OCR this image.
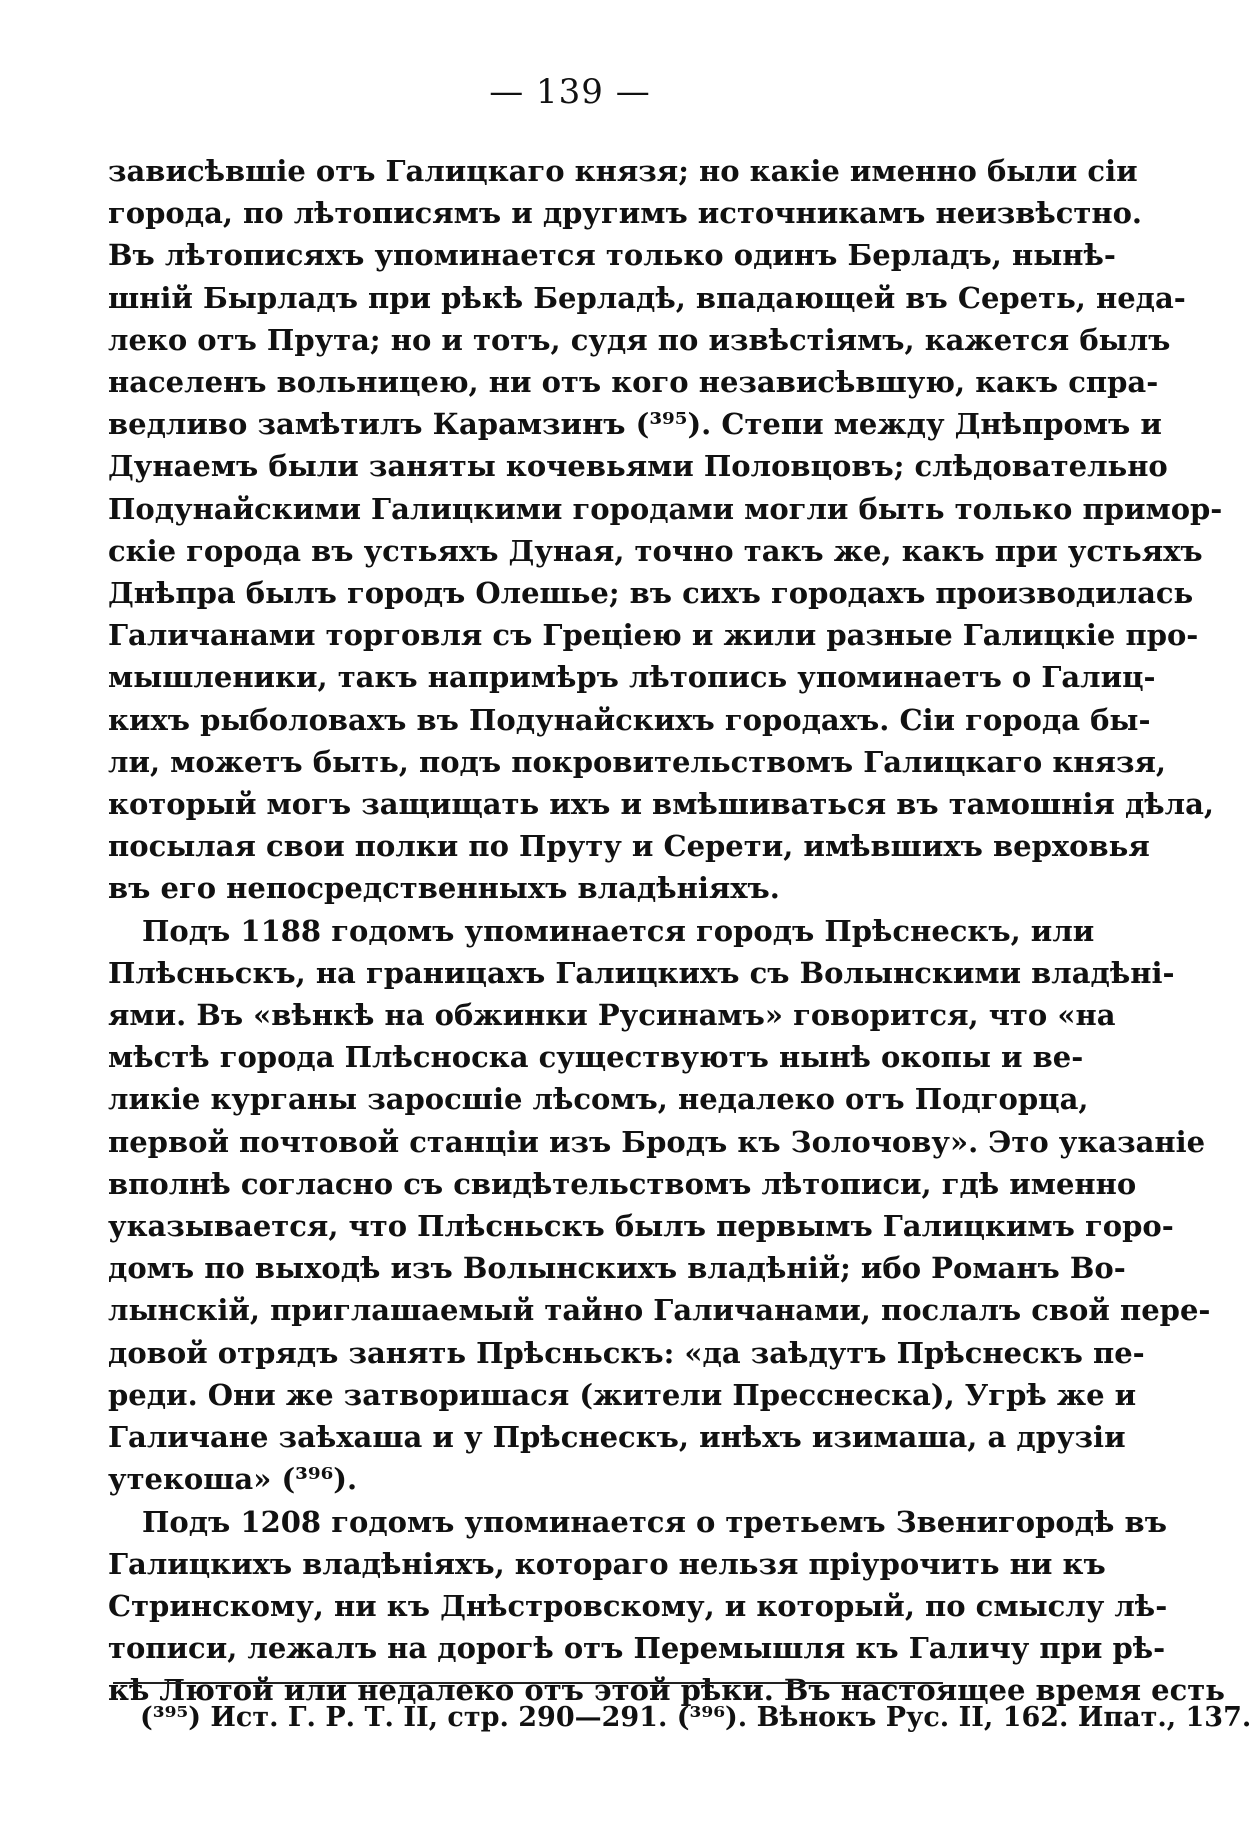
— 139 —
зависѣвшіе отъ Галицкаго князя; но какіе именно были сіи
города, по лѣтописямъ и другимъ источникамъ неизвѣстно.
Въ лѣтописяхъ упоминается только одинъ Берладъ, нынѣ-
шній Бырладъ при рѣкѣ Берладѣ, впадающей въ Сереть, неда-
леко отъ Прута; но и тотъ, судя по извѣстіямъ, кажется былъ
населенъ вольницею, ни отъ кого независѣвшую, какъ спра-
ведливо замѣтилъ Карамзинъ (³⁹⁵). Степи между Днѣпромъ и
Дунаемъ были заняты кочевьями Половцовъ; слѣдовательно
Подунайскими Галицкими городами могли быть только примор-
скіе города въ устьяхъ Дуная, точно такъ же, какъ при устьяхъ
Днѣпра былъ городъ Олешье; въ сихъ городахъ производилась
Галичанами торговля съ Греціею и жили разные Галицкіе про-
мышленики, такъ напримѣръ лѣтопись упоминаетъ о Галиц-
кихъ рыболовахъ въ Подунайскихъ городахъ. Сіи города бы-
ли, можетъ быть, подъ покровительствомъ Галицкаго князя,
который могъ защищать ихъ и вмѣшиваться въ тамошнія дѣла,
посылая свои полки по Пруту и Серети, имѣвшихъ верховья
въ его непосредственныхъ владѣніяхъ.
Подъ 1188 годомъ упоминается городъ Прѣснескъ, или
Плѣсньскъ, на границахъ Галицкихъ съ Волынскими владѣні-
ями. Въ «вѣнкѣ на обжинки Русинамъ» говорится, что «на
мѣстѣ города Плѣсноска существуютъ нынѣ окопы и ве-
ликіе курганы заросшіе лѣсомъ, недалеко отъ Подгорца,
первой почтовой станціи изъ Бродъ къ Золочову». Это указаніе
вполнѣ согласно съ свидѣтельствомъ лѣтописи, гдѣ именно
указывается, что Плѣсньскъ былъ первымъ Галицкимъ горо-
домъ по выходѣ изъ Волынскихъ владѣній; ибо Романъ Во-
лынскій, приглашаемый тайно Галичанами, послалъ свой пере-
довой отрядъ занять Прѣсньскъ: «да заѣдутъ Прѣснескъ пе-
реди. Они же затворишася (жители Пресснеска), Угрѣ же и
Галичане заѣхаша и у Прѣснескъ, инѣхъ изимаша, а друзіи
утекоша» (³⁹⁶).
Подъ 1208 годомъ упоминается о третьемъ Звенигородѣ въ
Галицкихъ владѣніяхъ, котораго нельзя пріурочить ни къ
Стринскому, ни къ Днѣстровскому, и который, по смыслу лѣ-
тописи, лежалъ на дорогѣ отъ Перемышля къ Галичу при рѣ-
кѣ Лютой или недалеко отъ этой рѣки. Въ настоящее время есть
(³⁹⁵) Ист. Г. Р. Т. II, стр. 290—291. (³⁹⁶). Вѣнокъ Рус. II, 162. Ипат., 137.
